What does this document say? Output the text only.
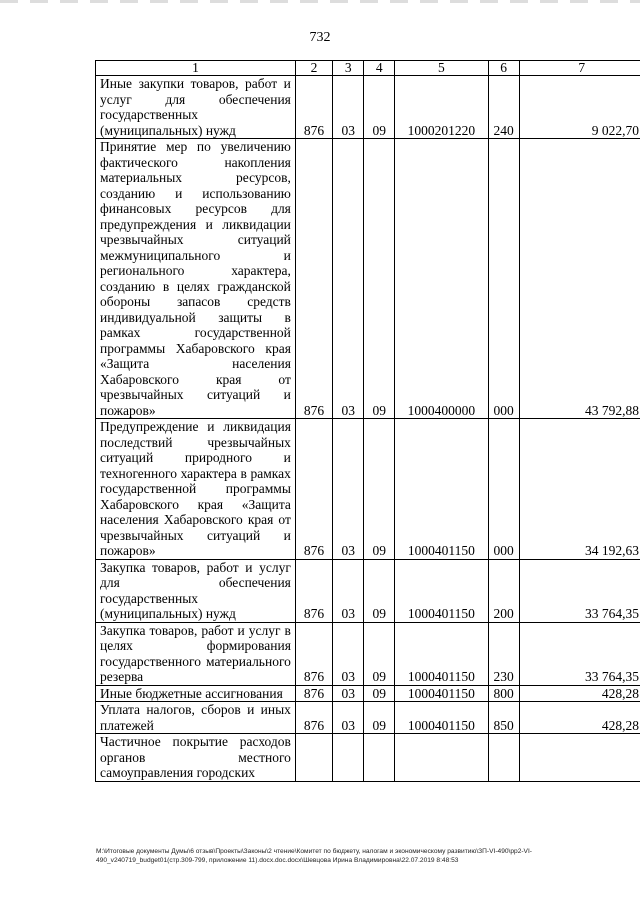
732
1	2	3	4	5	6	7
Иные закупки товаров, работ и услуг для обеспечения государственных (муниципальных) нужд	876	03	09	1000201220	240	9 022,70
Принятие мер по увеличению фактического накопления материальных ресурсов, созданию и использованию финансовых ресурсов для предупреждения и ликвидации чрезвычайных ситуаций межмуниципального и регионального характера, созданию в целях гражданской обороны запасов средств индивидуальной защиты в рамках государственной программы Хабаровского края «Защита населения Хабаровского края от чрезвычайных ситуаций и пожаров»	876	03	09	1000400000	000	43 792,88
Предупреждение и ликвидация последствий чрезвычайных ситуаций природного и техногенного характера в рамках государственной программы Хабаровского края «Защита населения Хабаровского края от чрезвычайных ситуаций и пожаров»	876	03	09	1000401150	000	34 192,63
Закупка товаров, работ и услуг для обеспечения государственных (муниципальных) нужд	876	03	09	1000401150	200	33 764,35
Закупка товаров, работ и услуг в целях формирования государственного материального резерва	876	03	09	1000401150	230	33 764,35
Иные бюджетные ассигнования	876	03	09	1000401150	800	428,28
Уплата налогов, сборов и иных платежей	876	03	09	1000401150	850	428,28
Частичное покрытие расходов органов местного самоуправления городских						
M:\Итоговые документы Думы\6 отзыв\Проекты\Законы\2 чтение\Комитет по бюджету, налогам и экономическому развитию\ЗП-VI-490\рр2-VI-490_v240719_budget01(стр.309-799, приложение 11).docx.doc.docx\Шевцова Ирина Владимировна\22.07.2019 8:48:53
